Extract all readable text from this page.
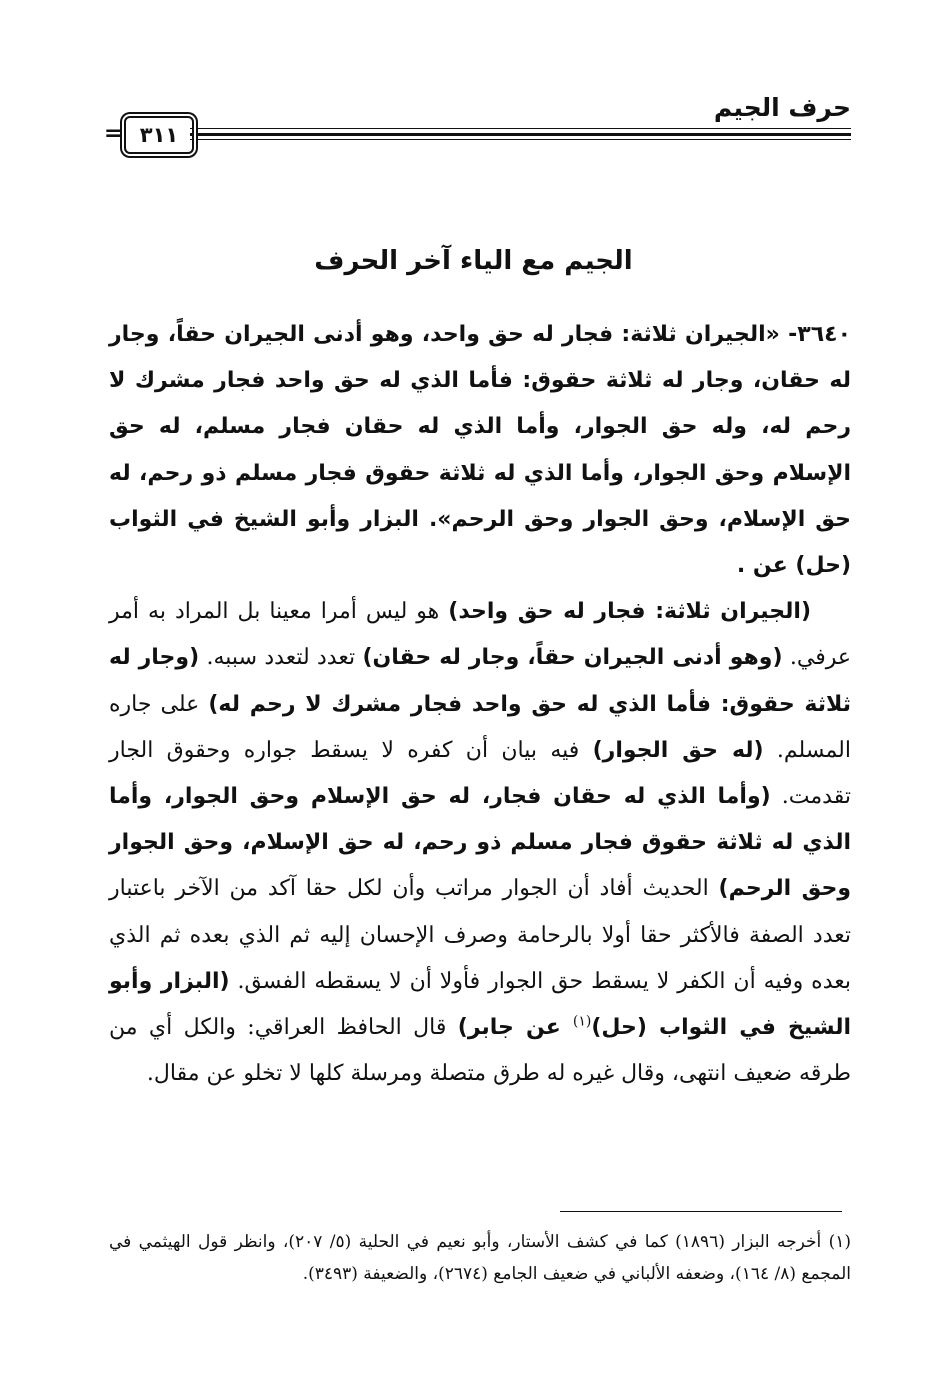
حرف الجيم
٣١١
=
الجيم مع الياء آخر الحرف

٣٦٤٠- «الجيران ثلاثة: فجار له حق واحد، وهو أدنى الجيران حقاً، وجار له حقان، وجار له ثلاثة حقوق: فأما الذي له حق واحد فجار مشرك لا رحم له، وله حق الجوار، وأما الذي له حقان فجار مسلم، له حق الإسلام وحق الجوار، وأما الذي له ثلاثة حقوق فجار مسلم ذو رحم، له حق الإسلام، وحق الجوار وحق الرحم». البزار وأبو الشيخ في الثواب (حل) عن .

(الجيران ثلاثة: فجار له حق واحد) هو ليس أمرا معينا بل المراد به أمر عرفي. (وهو أدنى الجيران حقاً، وجار له حقان) تعدد لتعدد سببه. (وجار له ثلاثة حقوق: فأما الذي له حق واحد فجار مشرك لا رحم له) على جاره المسلم. (له حق الجوار) فيه بيان أن كفره لا يسقط جواره وحقوق الجار تقدمت. (وأما الذي له حقان فجار، له حق الإسلام وحق الجوار، وأما الذي له ثلاثة حقوق فجار مسلم ذو رحم، له حق الإسلام، وحق الجوار وحق الرحم) الحديث أفاد أن الجوار مراتب وأن لكل حقا آكد من الآخر باعتبار تعدد الصفة فالأكثر حقا أولا بالرحامة وصرف الإحسان إليه ثم الذي بعده ثم الذي بعده وفيه أن الكفر لا يسقط حق الجوار فأولا أن لا يسقطه الفسق. (البزار وأبو الشيخ في الثواب (حل)$^{(١)}$ عن جابر) قال الحافظ العراقي: والكل أي من طرقه ضعيف انتهى، وقال غيره له طرق متصلة ومرسلة كلها لا تخلو عن مقال.

(١) أخرجه البزار (١٨٩٦) كما في كشف الأستار، وأبو نعيم في الحلية (٥/ ٢٠٧)، وانظر قول الهيثمي في المجمع (٨/ ١٦٤)، وضعفه الألباني في ضعيف الجامع (٢٦٧٤)، والضعيفة (٣٤٩٣).
